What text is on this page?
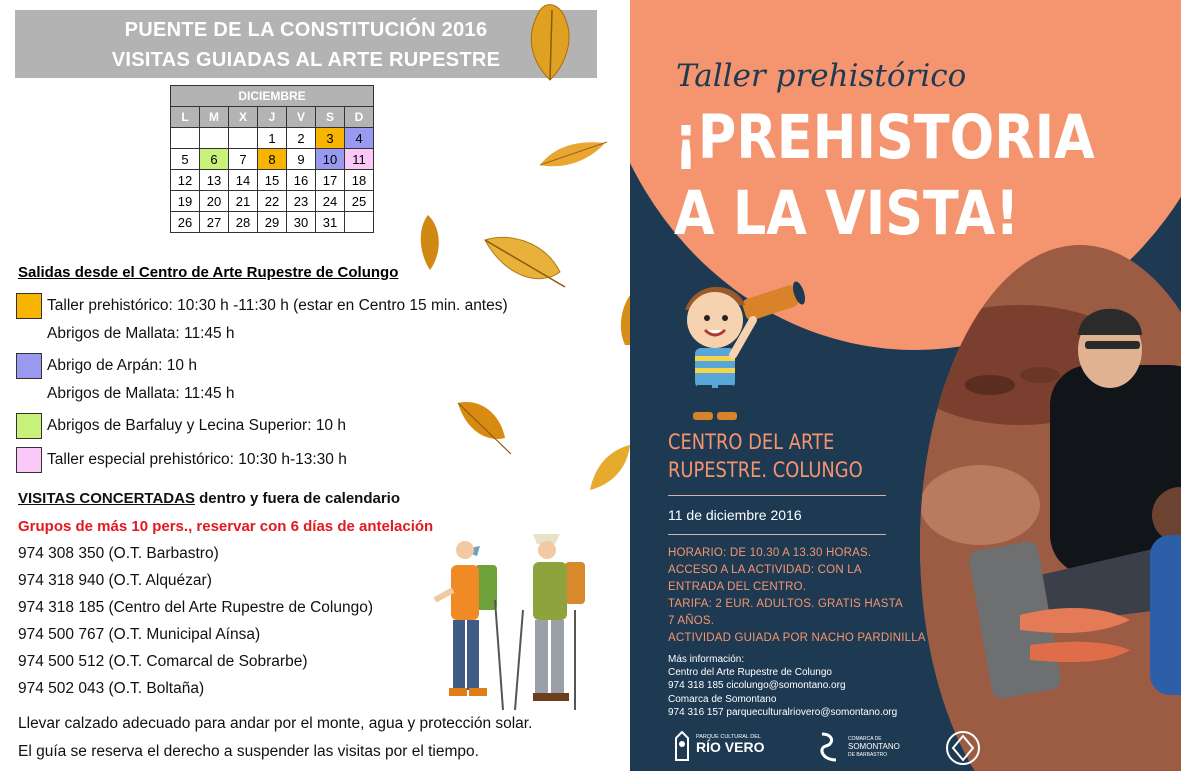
PUENTE DE LA CONSTITUCIÓN 2016
VISITAS GUIADAS AL ARTE RUPESTRE
DICIEMBRE						
L	M	X	J	V	S	D
			1	2	3	4
5	6	7	8	9	10	11
12	13	14	15	16	17	18
19	20	21	22	23	24	25
26	27	28	29	30	31	
Salidas desde el Centro de Arte Rupestre de Colungo
Taller prehistórico: 10:30 h -11:30 h (estar en Centro 15 min. antes)
Abrigos de Mallata: 11:45 h
Abrigo de Arpán: 10 h
Abrigos de Mallata: 11:45 h
Abrigos de Barfaluy y Lecina Superior: 10 h
Taller especial prehistórico: 10:30 h-13:30 h
VISITAS CONCERTADAS dentro y fuera de calendario
Grupos de más 10 pers., reservar con 6 días de antelación
974 308 350 (O.T. Barbastro)
974 318 940 (O.T. Alquézar)
974 318 185 (Centro del Arte Rupestre de Colungo)
974 500 767 (O.T. Municipal Aínsa)
974 500 512 (O.T. Comarcal de Sobrarbe)
974 502 043 (O.T. Boltaña)
Llevar calzado adecuado para andar por el monte, agua y protección solar.
El guía se reserva el derecho a suspender las visitas por el tiempo.
Taller prehistórico
¡PREHISTORIA
A LA VISTA!
CENTRO DEL ARTE
RUPESTRE. COLUNGO
11 de diciembre 2016
HORARIO: DE 10.30 A 13.30 HORAS.
ACCESO A LA ACTIVIDAD: CON LA
ENTRADA DEL CENTRO.
TARIFA: 2 EUR. ADULTOS. GRATIS HASTA
7 AÑOS.
ACTIVIDAD GUIADA POR NACHO PARDINILLA
Más información:
Centro del Arte Rupestre de Colungo
974 318 185 cicolungo@somontano.org
Comarca de Somontano
974 316 157 parqueculturalriovero@somontano.org
PARQUE CULTURAL DEL
RÍO VERO	COMARCA DE
SOMONTANO
DE BARBASTRO
